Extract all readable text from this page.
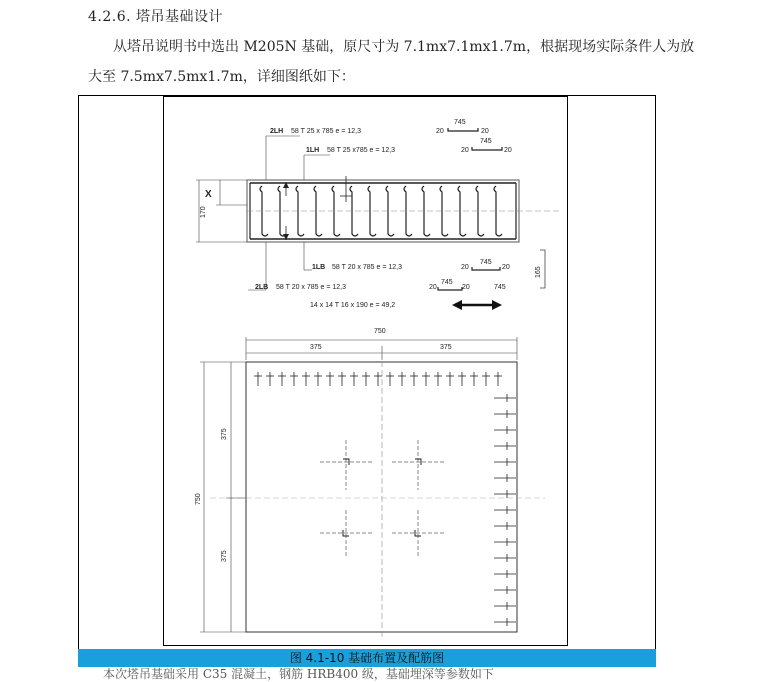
4.2.6. 塔吊基础设计
从塔吊说明书中选出 M205N 基础，原尺寸为 7.1mx7.1mx1.7m，根据现场实际条件人为放
大至 7.5mx7.5mx1.7m，详细图纸如下：
2LH 58 T 25 x 785 e = 12,3	20
745
20
1LH 58 T 25 x785 e = 12,3	20
745
20
170
X
165
1LB 58 T 20 x 785 e = 12,3	20
745
20
2LB 58 T 20 x 785 e = 12,3	20
745
20	745
14 x 14 T 16 x 190 e = 49,2
750
375	375
750
375
375
图 4.1-10 基础布置及配筋图
本次塔吊基础采用 C35 混凝土，钢筋 HRB400 级，基础埋深等参数如下
